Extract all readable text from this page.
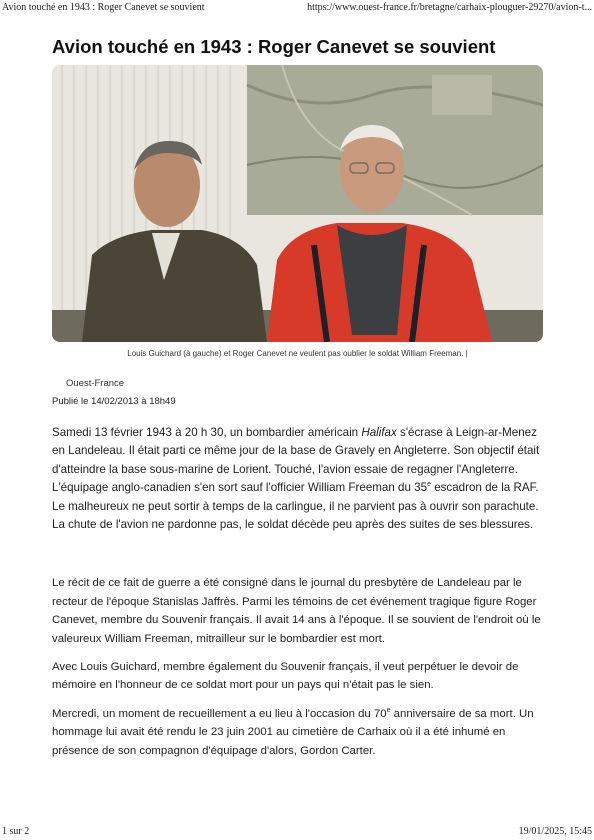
Avion touché en 1943 : Roger Canevet se souvient	https://www.ouest-france.fr/bretagne/carhaix-plouguer-29270/avion-t...
Avion touché en 1943 : Roger Canevet se souvient
Louis Guichard (à gauche) et Roger Canevet ne veulent pas oublier le soldat William Freeman. |
Ouest-France
Publié le 14/02/2013 à 18h49

Samedi 13 février 1943 à 20 h 30, un bombardier américain Halifax s'écrase à Leign-ar-Menez en Landeleau. Il était parti ce même jour de la base de Gravely en Angleterre. Son objectif était d'atteindre la base sous-marine de Lorient. Touché, l'avion essaie de regagner l'Angleterre. L'équipage anglo-canadien s'en sort sauf l'officier William Freeman du 35e escadron de la RAF. Le malheureux ne peut sortir à temps de la carlingue, il ne parvient pas à ouvrir son parachute. La chute de l'avion ne pardonne pas, le soldat décède peu après des suites de ses blessures.

Le récit de ce fait de guerre a été consigné dans le journal du presbytère de Landeleau par le recteur de l'époque Stanislas Jaffrès. Parmi les témoins de cet événement tragique figure Roger Canevet, membre du Souvenir français. Il avait 14 ans à l'époque. Il se souvient de l'endroit où le valeureux William Freeman, mitrailleur sur le bombardier est mort.

Avec Louis Guichard, membre également du Souvenir français, il veut perpétuer le devoir de mémoire en l'honneur de ce soldat mort pour un pays qui n'était pas le sien.

Mercredi, un moment de recueillement a eu lieu à l'occasion du 70e anniversaire de sa mort. Un hommage lui avait été rendu le 23 juin 2001 au cimetière de Carhaix où il a été inhumé en présence de son compagnon d'équipage d'alors, Gordon Carter.

1 sur 2	19/01/2025, 15:45
